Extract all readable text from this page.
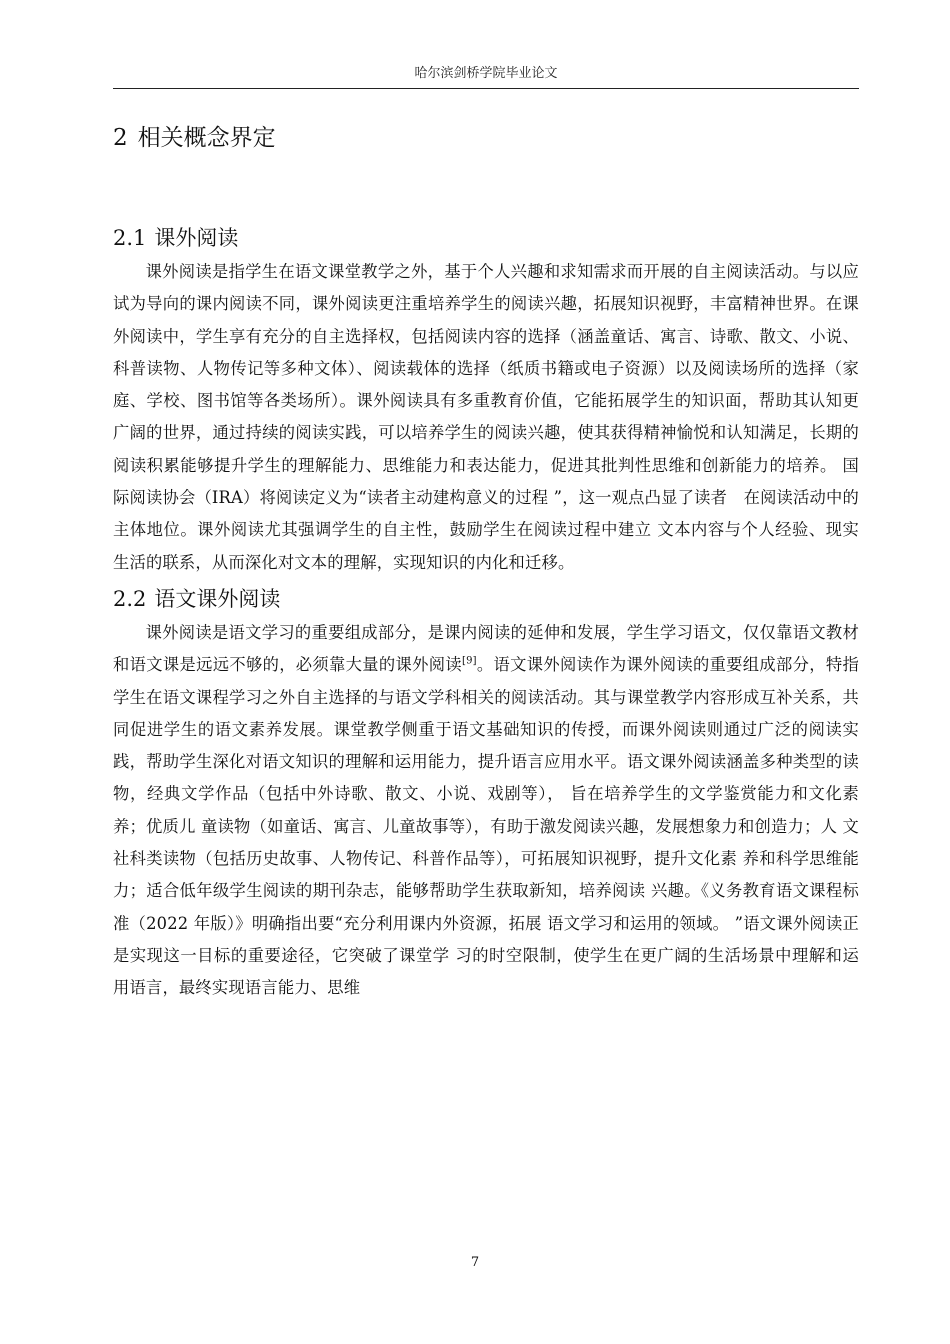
哈尔滨剑桥学院毕业论文
2 相关概念界定
2.1 课外阅读

课外阅读是指学生在语文课堂教学之外，基于个人兴趣和求知需求而开展的自主阅读活动。与以应试为导向的课内阅读不同，课外阅读更注重培养学生的阅读兴趣，拓展知识视野，丰富精神世界。在课外阅读中，学生享有充分的自主选择权，包括阅读内容的选择（涵盖童话、寓言、诗歌、散文、小说、科普读物、人物传记等多种文体）、阅读载体的选择（纸质书籍或电子资源）以及阅读场所的选择（家庭、学校、图书馆等各类场所）。课外阅读具有多重教育价值，它能拓展学生的知识面，帮助其认知更广阔的世界，通过持续的阅读实践，可以培养学生的阅读兴趣，使其获得精神愉悦和认知满足，长期的阅读积累能够提升学生的理解能力、思维能力和表达能力，促进其批判性思维和创新能力的培养。 国际阅读协会（IRA）将阅读定义为“读者主动建构意义的过程 ”，这一观点凸显了读者　在阅读活动中的主体地位。课外阅读尤其强调学生的自主性，鼓励学生在阅读过程中建立 文本内容与个人经验、现实生活的联系，从而深化对文本的理解，实现知识的内化和迁移。

2.2 语文课外阅读

课外阅读是语文学习的重要组成部分，是课内阅读的延伸和发展，学生学习语文，仅仅靠语文教材和语文课是远远不够的，必须靠大量的课外阅读[9]。语文课外阅读作为课外阅读的重要组成部分，特指学生在语文课程学习之外自主选择的与语文学科相关的阅读活动。其与课堂教学内容形成互补关系，共同促进学生的语文素养发展。课堂教学侧重于语文基础知识的传授，而课外阅读则通过广泛的阅读实践，帮助学生深化对语文知识的理解和运用能力，提升语言应用水平。语文课外阅读涵盖多种类型的读物，经典文学作品（包括中外诗歌、散文、小说、戏剧等）， 旨在培养学生的文学鉴赏能力和文化素养；优质儿 童读物（如童话、寓言、儿童故事等），有助于激发阅读兴趣，发展想象力和创造力；人 文社科类读物（包括历史故事、人物传记、科普作品等），可拓展知识视野，提升文化素 养和科学思维能力；适合低年级学生阅读的期刊杂志，能够帮助学生获取新知，培养阅读 兴趣。《义务教育语文课程标准（2022 年版）》明确指出要“充分利用课内外资源，拓展 语文学习和运用的领域。 ”语文课外阅读正是实现这一目标的重要途径，它突破了课堂学 习的时空限制，使学生在更广阔的生活场景中理解和运用语言，最终实现语言能力、思维

7
